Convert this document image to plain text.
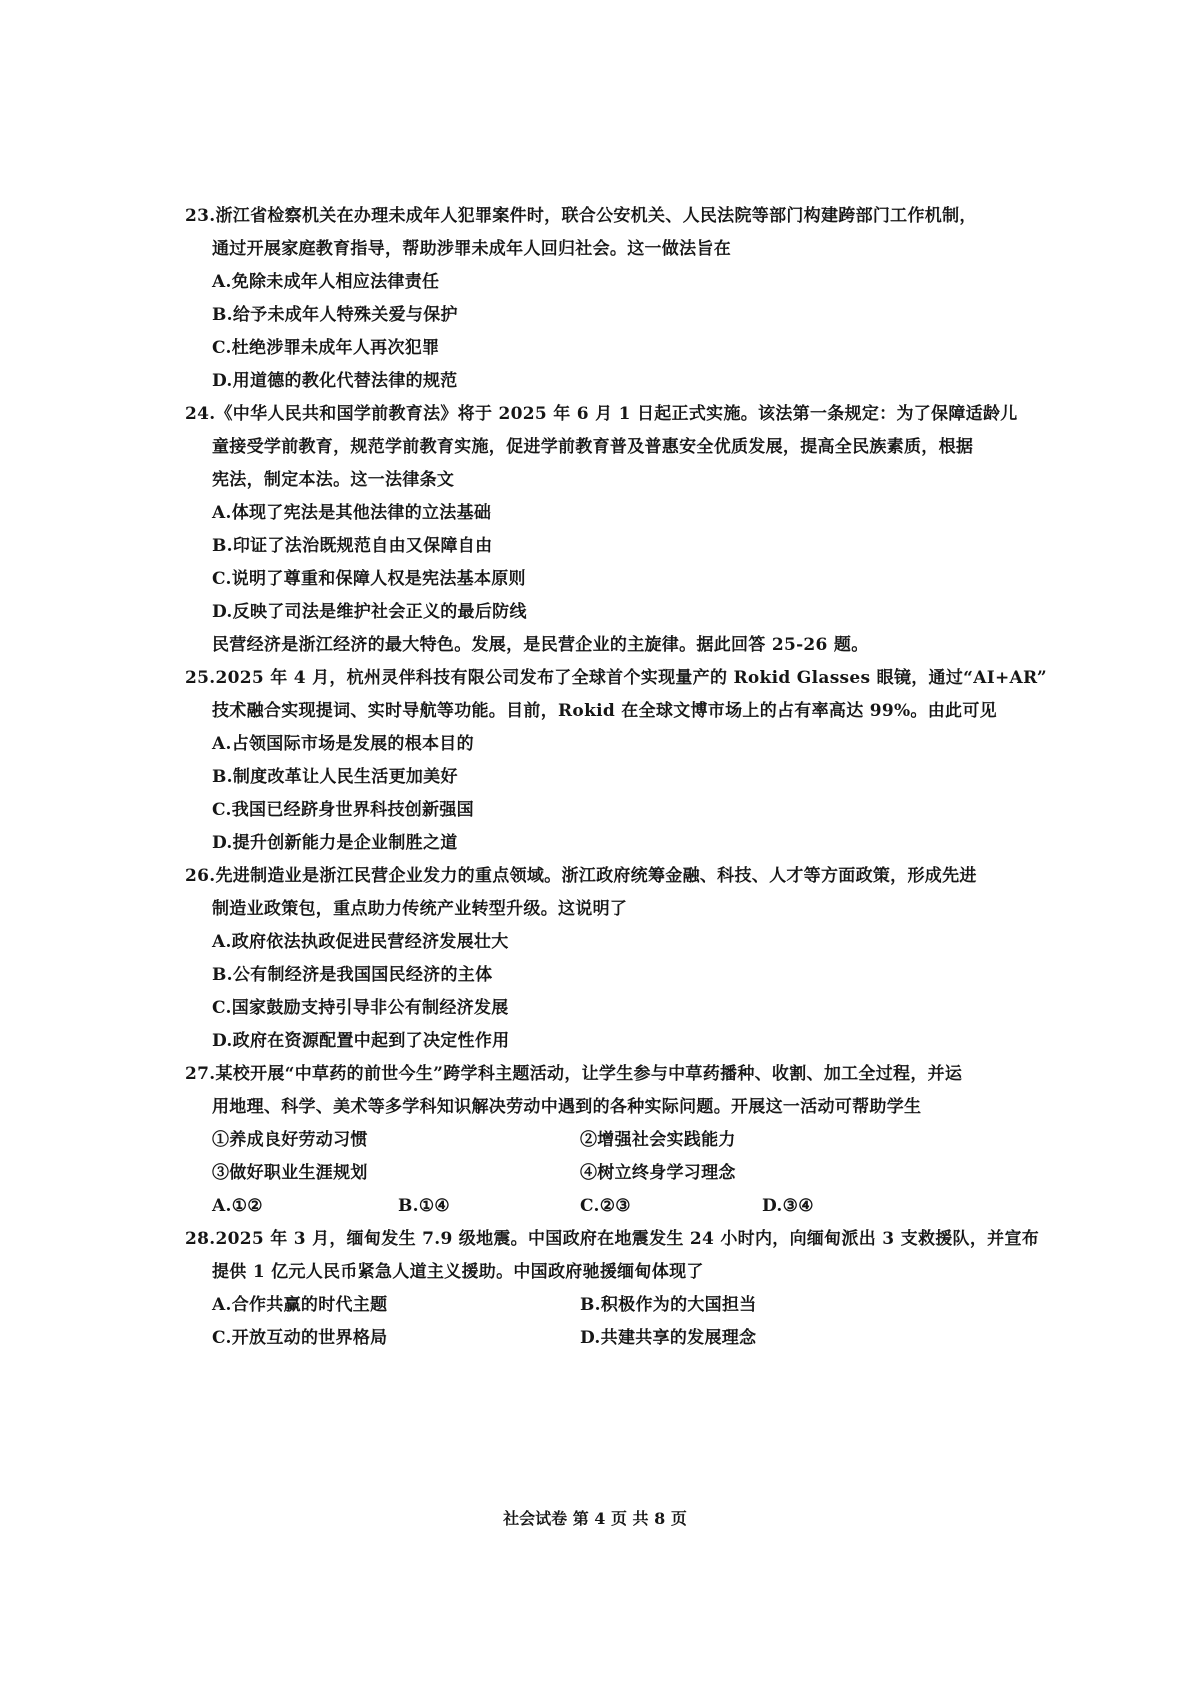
23.浙江省检察机关在办理未成年人犯罪案件时，联合公安机关、人民法院等部门构建跨部门工作机制，
通过开展家庭教育指导，帮助涉罪未成年人回归社会。这一做法旨在
A.免除未成年人相应法律责任
B.给予未成年人特殊关爱与保护
C.杜绝涉罪未成年人再次犯罪
D.用道德的教化代替法律的规范
24.《中华人民共和国学前教育法》将于 2025 年 6 月 1 日起正式实施。该法第一条规定：为了保障适龄儿
童接受学前教育，规范学前教育实施，促进学前教育普及普惠安全优质发展，提高全民族素质，根据
宪法，制定本法。这一法律条文
A.体现了宪法是其他法律的立法基础
B.印证了法治既规范自由又保障自由
C.说明了尊重和保障人权是宪法基本原则
D.反映了司法是维护社会正义的最后防线
民营经济是浙江经济的最大特色。发展，是民营企业的主旋律。据此回答 25-26 题。
25.2025 年 4 月，杭州灵伴科技有限公司发布了全球首个实现量产的 Rokid Glasses 眼镜，通过“AI+AR”
技术融合实现提词、实时导航等功能。目前，Rokid 在全球文博市场上的占有率高达 99%。由此可见
A.占领国际市场是发展的根本目的
B.制度改革让人民生活更加美好
C.我国已经跻身世界科技创新强国
D.提升创新能力是企业制胜之道
26.先进制造业是浙江民营企业发力的重点领域。浙江政府统筹金融、科技、人才等方面政策，形成先进
制造业政策包，重点助力传统产业转型升级。这说明了
A.政府依法执政促进民营经济发展壮大
B.公有制经济是我国国民经济的主体
C.国家鼓励支持引导非公有制经济发展
D.政府在资源配置中起到了决定性作用
27.某校开展“中草药的前世今生”跨学科主题活动，让学生参与中草药播种、收割、加工全过程，并运
用地理、科学、美术等多学科知识解决劳动中遇到的各种实际问题。开展这一活动可帮助学生
①养成良好劳动习惯	②增强社会实践能力
③做好职业生涯规划	④树立终身学习理念
A.①②	B.①④	C.②③	D.③④
28.2025 年 3 月，缅甸发生 7.9 级地震。中国政府在地震发生 24 小时内，向缅甸派出 3 支救援队，并宣布
提供 1 亿元人民币紧急人道主义援助。中国政府驰援缅甸体现了
A.合作共赢的时代主题	B.积极作为的大国担当
C.开放互动的世界格局	D.共建共享的发展理念
社会试卷 第 4 页 共 8 页
